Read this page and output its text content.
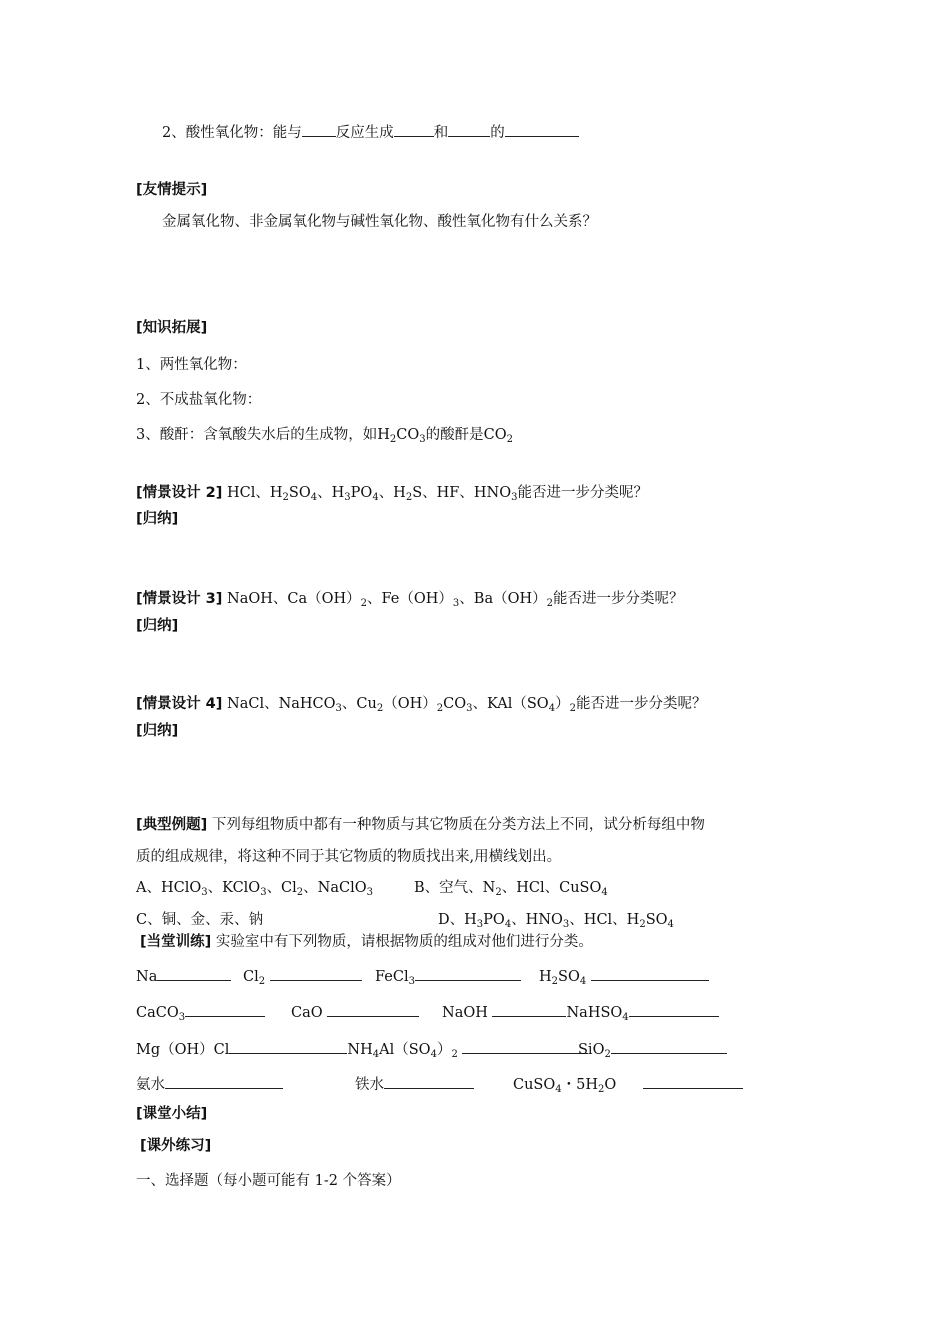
2、酸性氧化物：能与 反应生成	和	的
[友情提示]
金属氧化物、非金属氧化物与碱性氧化物、酸性氧化物有什么关系？
[知识拓展]
1、两性氧化物：
2、不成盐氧化物：
3、酸酐：含氧酸失水后的生成物，如$H_2CO_3$的酸酐是$CO_2$
[情景设计 2] HCl、$H_2SO_4$、$H_3PO_4$、$H_2S$、HF、$HNO_3$能否进一步分类呢？
[归纳]
[情景设计 3] NaOH、$Ca(OH)_2$、$Fe(OH)_3$、$Ba(OH)_2$能否进一步分类呢？
[归纳]
[情景设计 4] NaCl、NaHCO$_3$、$Cu_2(OH)_2CO_3$、$KAl(SO_4)_2$能否进一步分类呢？
[归纳]
[典型例题] 下列每组物质中都有一种物质与其它物质在分类方法上不同，试分析每组中物
质的组成规律，将这种不同于其它物质的物质找出来,用横线划出。
A、HClO$_3$、KClO$_3$、$Cl_2$、NaClO$_3$	B、空气、$N_2$、HCl、CuSO$_4$
C、铜、金、汞、钠	D、$H_3PO_4$、$HNO_3$、HCl、$H_2SO_4$
[当堂训练] 实验室中有下列物质，请根据物质的组成对他们进行分类。
Na	$Cl_2$	FeCl$_3$	$H_2SO_4$
CaCO$_3$	CaO	NaOH	NaHSO$_4$
Mg（OH）Cl	$NH_4Al(SO_4)_2$	SiO$_2$
氨水	铁水	CuSO$_4$・$5H_2O$
[课堂小结]
[课外练习]
一、选择题（每小题可能有 1-2 个答案）
